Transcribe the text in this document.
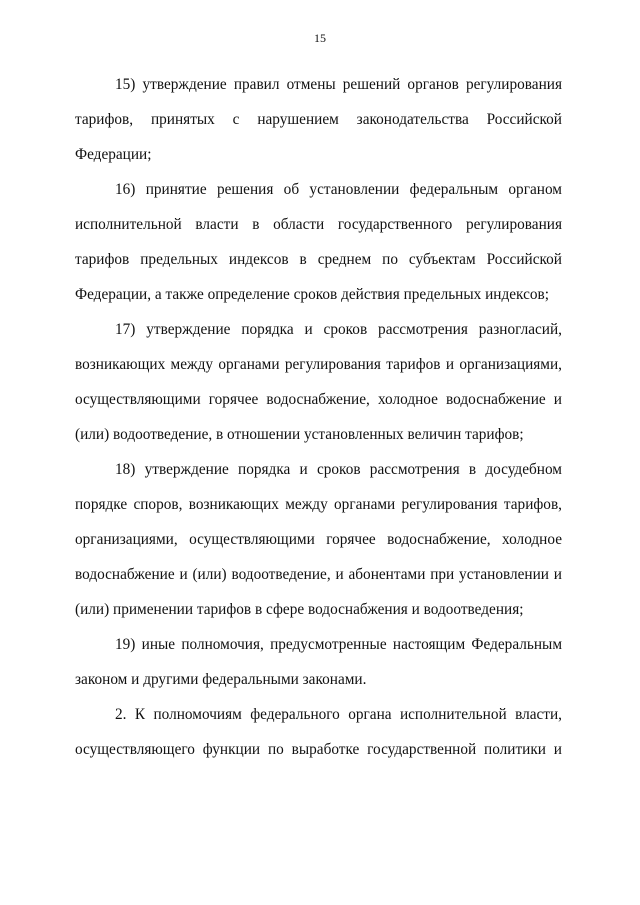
15

15) утверждение правил отмены решений органов регулирования тарифов, принятых с нарушением законодательства Российской Федерации;

16) принятие решения об установлении федеральным органом исполнительной власти в области государственного регулирования тарифов предельных индексов в среднем по субъектам Российской Федерации, а также определение сроков действия предельных индексов;

17) утверждение порядка и сроков рассмотрения разногласий, возникающих между органами регулирования тарифов и организациями, осуществляющими горячее водоснабжение, холодное водоснабжение и (или) водоотведение, в отношении установленных величин тарифов;

18) утверждение порядка и сроков рассмотрения в досудебном порядке споров, возникающих между органами регулирования тарифов, организациями, осуществляющими горячее водоснабжение, холодное водоснабжение и (или) водоотведение, и абонентами при установлении и (или) применении тарифов в сфере водоснабжения и водоотведения;

19) иные полномочия, предусмотренные настоящим Федеральным законом и другими федеральными законами.

2. К полномочиям федерального органа исполнительной власти, осуществляющего функции по выработке государственной политики и
